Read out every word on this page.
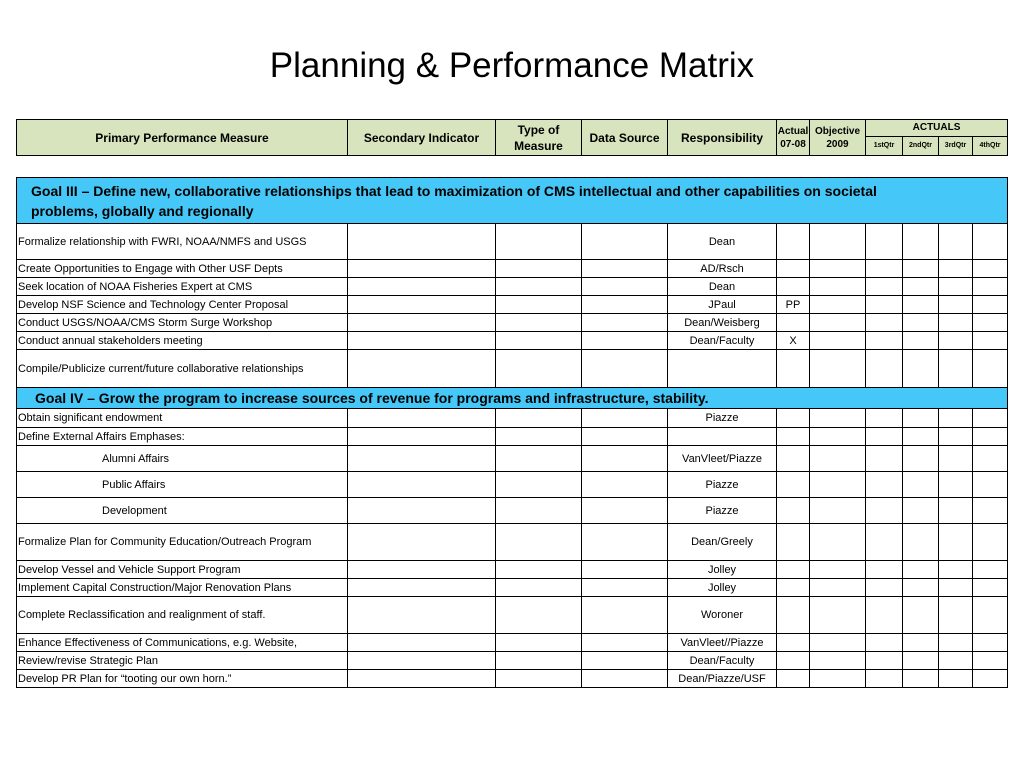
Planning & Performance Matrix
Primary Performance Measure	Secondary Indicator	Type of Measure	Data Source	Responsibility	Actual 07-08	Objective 2009	ACTUALS			
							1stQtr	2ndQtr	3rdQtr	4thQtr
Goal III – Define new, collaborative relationships that lead to maximization of CMS intellectual and other capabilities on societal problems, globally and regionally										
Formalize relationship with FWRI, NOAA/NMFS and USGS				Dean						
Create Opportunities to Engage with Other USF Depts				AD/Rsch						
Seek location of NOAA Fisheries Expert at CMS				Dean						
Develop NSF Science and Technology Center Proposal				JPaul	PP					
Conduct USGS/NOAA/CMS Storm Surge Workshop				Dean/Weisberg						
Conduct annual stakeholders meeting				Dean/Faculty	X					
Compile/Publicize current/future collaborative relationships										
Goal IV – Grow the program to increase sources of revenue for programs and infrastructure, stability.										
Obtain significant endowment				Piazze						
Define External Affairs Emphases:										
Alumni Affairs				VanVleet/Piazze						
Public Affairs				Piazze						
Development				Piazze						
Formalize Plan for Community Education/Outreach Program				Dean/Greely						
Develop Vessel and Vehicle Support Program				Jolley						
Implement Capital Construction/Major Renovation Plans				Jolley						
Complete Reclassification and realignment of staff.				Woroner						
Enhance Effectiveness of Communications, e.g. Website,				VanVleet//Piazze						
Review/revise Strategic Plan				Dean/Faculty						
Develop PR Plan for “tooting our own horn.”				Dean/Piazze/USF						
